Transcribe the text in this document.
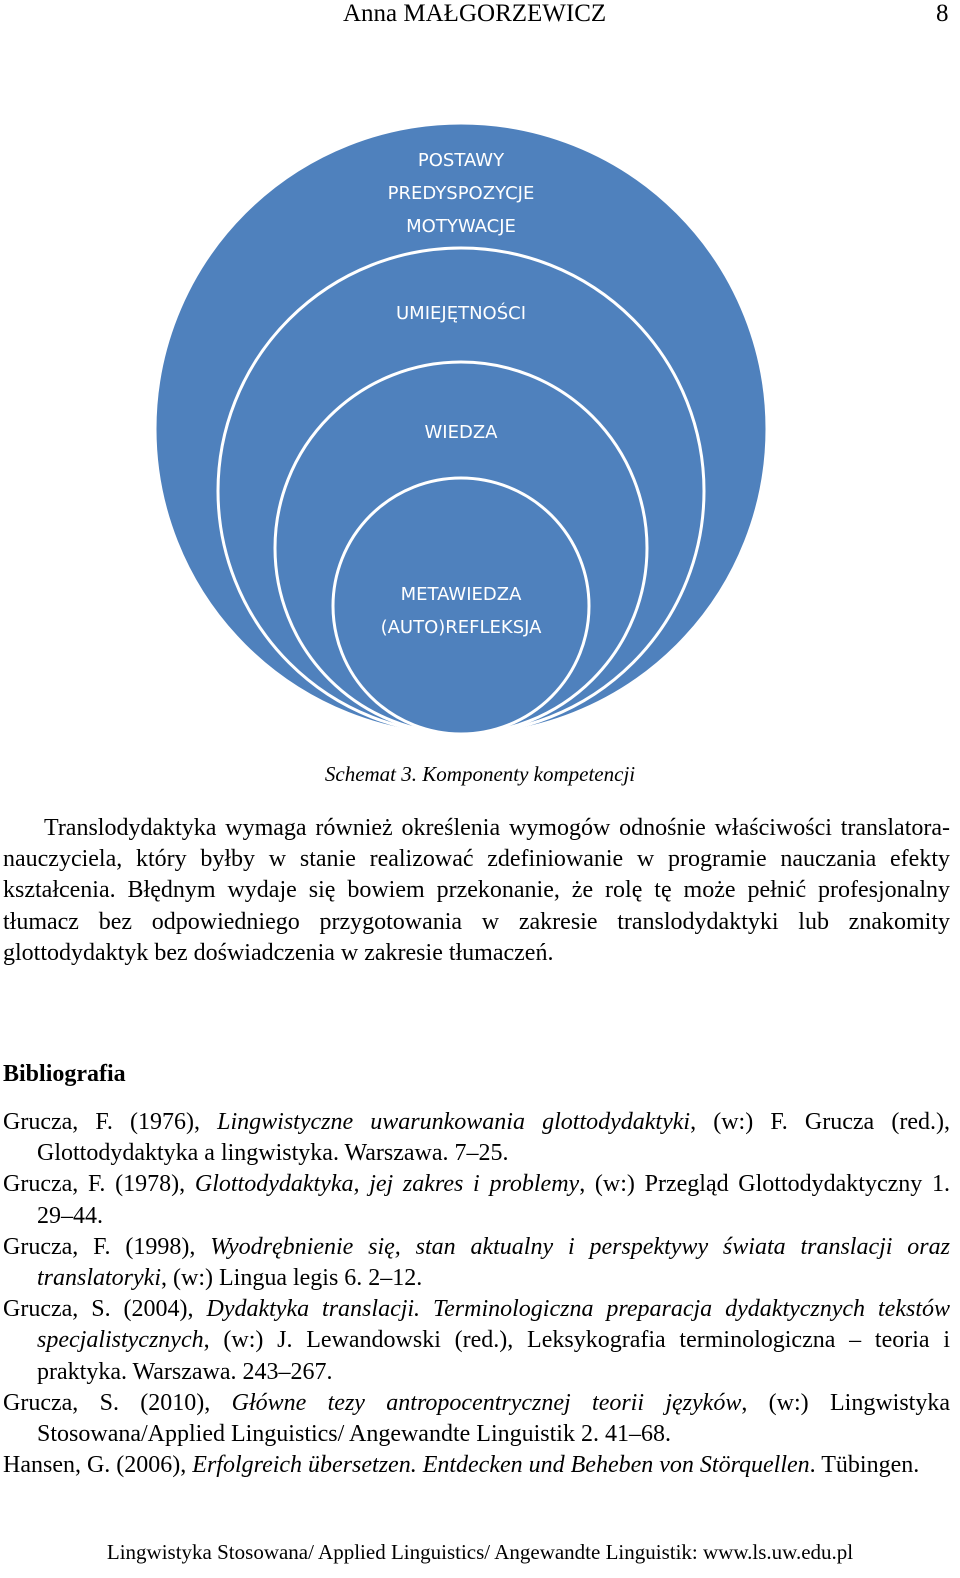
Anna MAŁGORZEWICZ	8
POSTAWY
PREDYSPOZYCJE
MOTYWACJE
UMIEJĘTNOŚCI
WIEDZA
METAWIEDZA
(AUTO)REFLEKSJA
Schemat 3. Komponenty kompetencji

Translodydaktyka wymaga również określenia wymogów odnośnie właściwości translatora-nauczyciela, który byłby w stanie realizować zdefiniowanie w programie nauczania efekty kształcenia. Błędnym wydaje się bowiem przekonanie, że rolę tę może pełnić profesjonalny tłumacz bez odpowiedniego przygotowania w zakresie translodydaktyki lub znakomity glottodydaktyk bez doświadczenia w zakresie tłumaczeń.

Bibliografia

Grucza, F. (1976), Lingwistyczne uwarunkowania glottodydaktyki, (w:) F. Grucza (red.), Glottodydaktyka a lingwistyka. Warszawa. 7–25.

Grucza, F. (1978), Glottodydaktyka, jej zakres i problemy, (w:) Przegląd Glottodydaktyczny 1. 29–44.

Grucza, F. (1998), Wyodrębnienie się, stan aktualny i perspektywy świata translacji oraz translatoryki, (w:) Lingua legis 6. 2–12.

Grucza, S. (2004), Dydaktyka translacji. Terminologiczna preparacja dydaktycznych tekstów specjalistycznych, (w:) J. Lewandowski (red.), Leksykografia terminologiczna – teoria i praktyka. Warszawa. 243–267.

Grucza, S. (2010), Główne tezy antropocentrycznej teorii języków, (w:) Lingwistyka Stosowana/Applied Linguistics/ Angewandte Linguistik 2. 41–68.

Hansen, G. (2006), Erfolgreich übersetzen. Entdecken und Beheben von Störquellen. Tübingen.

Lingwistyka Stosowana/ Applied Linguistics/ Angewandte Linguistik: www.ls.uw.edu.pl
